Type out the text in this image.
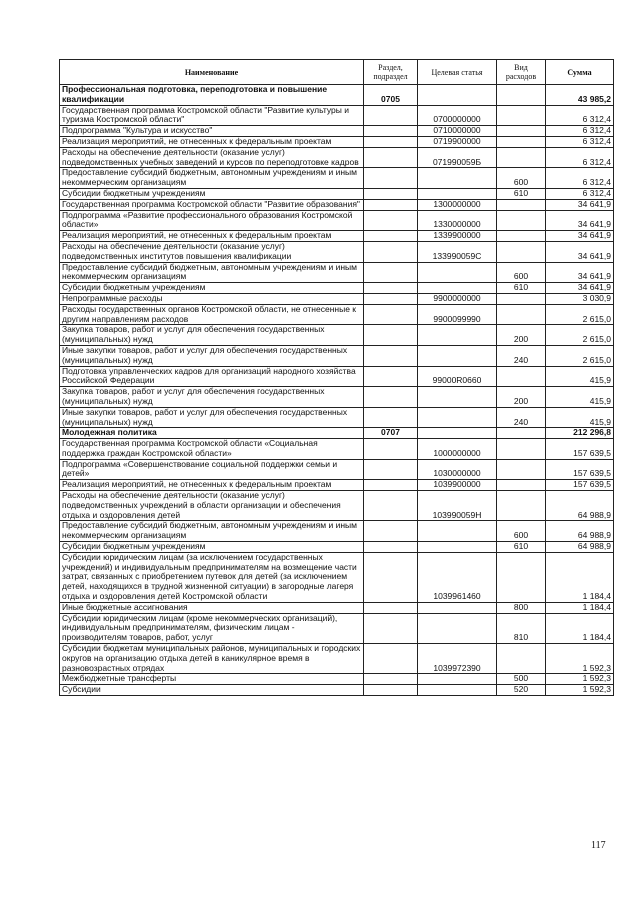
Наименование	Раздел, подраздел	Целевая статья	Вид расходов	Сумма
Профессиональная подготовка, переподготовка и повышение квалификации	0705			43 985,2
Государственная программа Костромской области "Развитие культуры и туризма Костромской области"		0700000000		6 312,4
Подпрограмма "Культура и искусство"		0710000000		6 312,4
Реализация мероприятий, не отнесенных к федеральным проектам		0719900000		6 312,4
Расходы на обеспечение деятельности (оказание услуг) подведомственных учебных заведений и курсов по переподготовке кадров		071990059Б		6 312,4
Предоставление субсидий бюджетным, автономным учреждениям и иным некоммерческим организациям			600	6 312,4
Субсидии бюджетным учреждениям			610	6 312,4
Государственная программа Костромской области "Развитие образования"		1300000000		34 641,9
Подпрограмма «Развитие профессионального образования Костромской области»		1330000000		34 641,9
Реализация мероприятий, не отнесенных к федеральным проектам		1339900000		34 641,9
Расходы на обеспечение деятельности (оказание услуг) подведомственных институтов повышения квалификации		133990059С		34 641,9
Предоставление субсидий бюджетным, автономным учреждениям и иным некоммерческим организациям			600	34 641,9
Субсидии бюджетным учреждениям			610	34 641,9
Непрограммные расходы		9900000000		3 030,9
Расходы государственных органов Костромской области, не отнесенные к другим направлениям расходов		9900099990		2 615,0
Закупка товаров, работ и услуг для обеспечения государственных (муниципальных) нужд			200	2 615,0
Иные закупки товаров, работ и услуг для обеспечения государственных (муниципальных) нужд			240	2 615,0
Подготовка управленческих кадров для организаций народного хозяйства Российской Федерации		99000R0660		415,9
Закупка товаров, работ и услуг для обеспечения государственных (муниципальных) нужд			200	415,9
Иные закупки товаров, работ и услуг для обеспечения государственных (муниципальных) нужд			240	415,9
Молодежная политика	0707			212 296,8
Государственная программа Костромской области «Социальная поддержка граждан Костромской области»		1000000000		157 639,5
Подпрограмма «Совершенствование социальной поддержки семьи и детей»		1030000000		157 639,5
Реализация мероприятий, не отнесенных к федеральным проектам		1039900000		157 639,5
Расходы на обеспечение деятельности (оказание услуг) подведомственных учреждений в области организации и обеспечения отдыха и оздоровления детей		103990059Н		64 988,9
Предоставление субсидий бюджетным, автономным учреждениям и иным некоммерческим организациям			600	64 988,9
Субсидии бюджетным учреждениям			610	64 988,9
Субсидии юридическим лицам (за исключением государственных учреждений) и индивидуальным предпринимателям на возмещение части затрат, связанных с приобретением путевок для детей (за исключением детей, находящихся в трудной жизненной ситуации) в загородные лагеря отдыха и оздоровления детей Костромской области		1039961460		1 184,4
Иные бюджетные ассигнования			800	1 184,4
Субсидии юридическим лицам (кроме некоммерческих организаций), индивидуальным предпринимателям, физическим лицам - производителям товаров, работ, услуг			810	1 184,4
Субсидии бюджетам муниципальных районов, муниципальных и городских округов на организацию отдыха детей в каникулярное время в разновозрастных отрядах		1039972390		1 592,3
Межбюджетные трансферты			500	1 592,3
Субсидии			520	1 592,3
117
